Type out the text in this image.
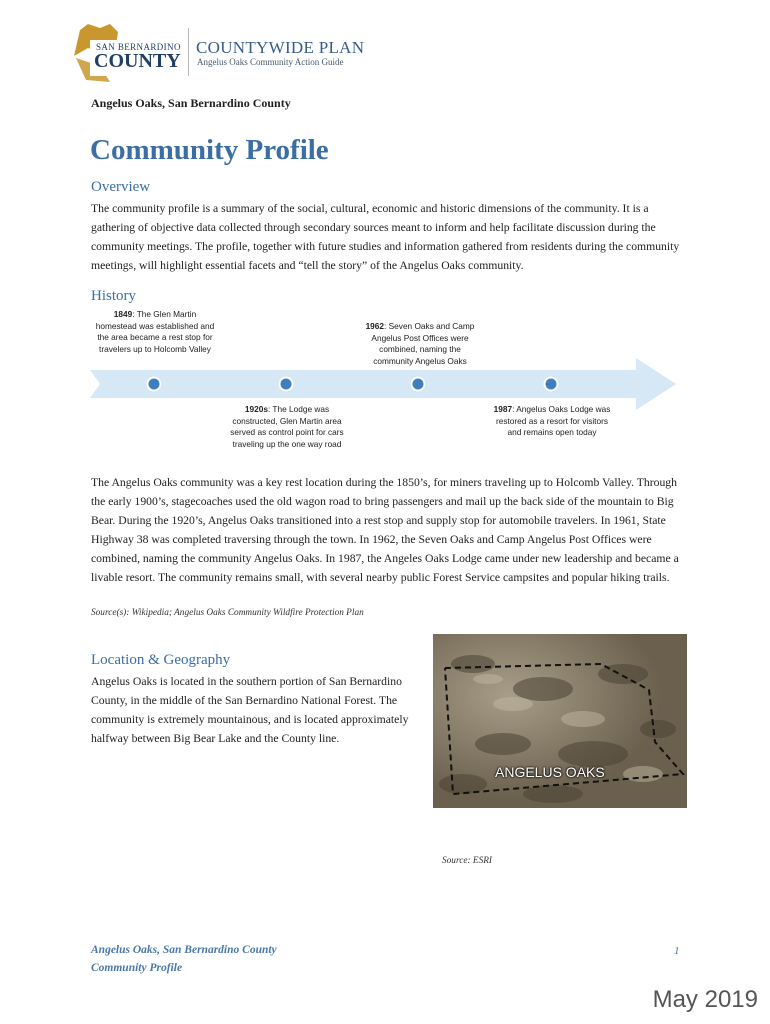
SAN BERNARDINO
COUNTY
COUNTYWIDE PLAN
Angelus Oaks Community Action Guide
Angelus Oaks, San Bernardino County
Community Profile
Overview
The community profile is a summary of the social, cultural, economic and historic dimensions of the community. It is a gathering of objective data collected through secondary sources meant to inform and help facilitate discussion during the community meetings. The profile, together with future studies and information gathered from residents during the community meetings, will highlight essential facets and “tell the story” of the Angelus Oaks community.
History
1849: The Glen Martin homestead was established and the area became a rest stop for travelers up to Holcomb Valley
1920s: The Lodge was constructed, Glen Martin area served as control point for cars traveling up the one way road
1962: Seven Oaks and Camp Angelus Post Offices were combined, naming the community Angelus Oaks
1987: Angelus Oaks Lodge was restored as a resort for visitors and remains open today
The Angelus Oaks community was a key rest location during the 1850’s, for miners traveling up to Holcomb Valley. Through the early 1900’s, stagecoaches used the old wagon road to bring passengers and mail up the back side of the mountain to Big Bear. During the 1920’s, Angelus Oaks transitioned into a rest stop and supply stop for automobile travelers. In 1961, State Highway 38 was completed traversing through the town. In 1962, the Seven Oaks and Camp Angelus Post Offices were combined, naming the community Angelus Oaks. In 1987, the Angeles Oaks Lodge came under new leadership and became a livable resort. The community remains small, with several nearby public Forest Service campsites and popular hiking trails.
Source(s): Wikipedia; Angelus Oaks Community Wildfire Protection Plan
Location & Geography
Angelus Oaks is located in the southern portion of San Bernardino County, in the middle of the San Bernardino National Forest. The community is extremely mountainous, and is located approximately halfway between Big Bear Lake and the County line.
ANGELUS OAKS
Source: ESRI
Angelus Oaks, San Bernardino County
Community Profile
1
May 2019
